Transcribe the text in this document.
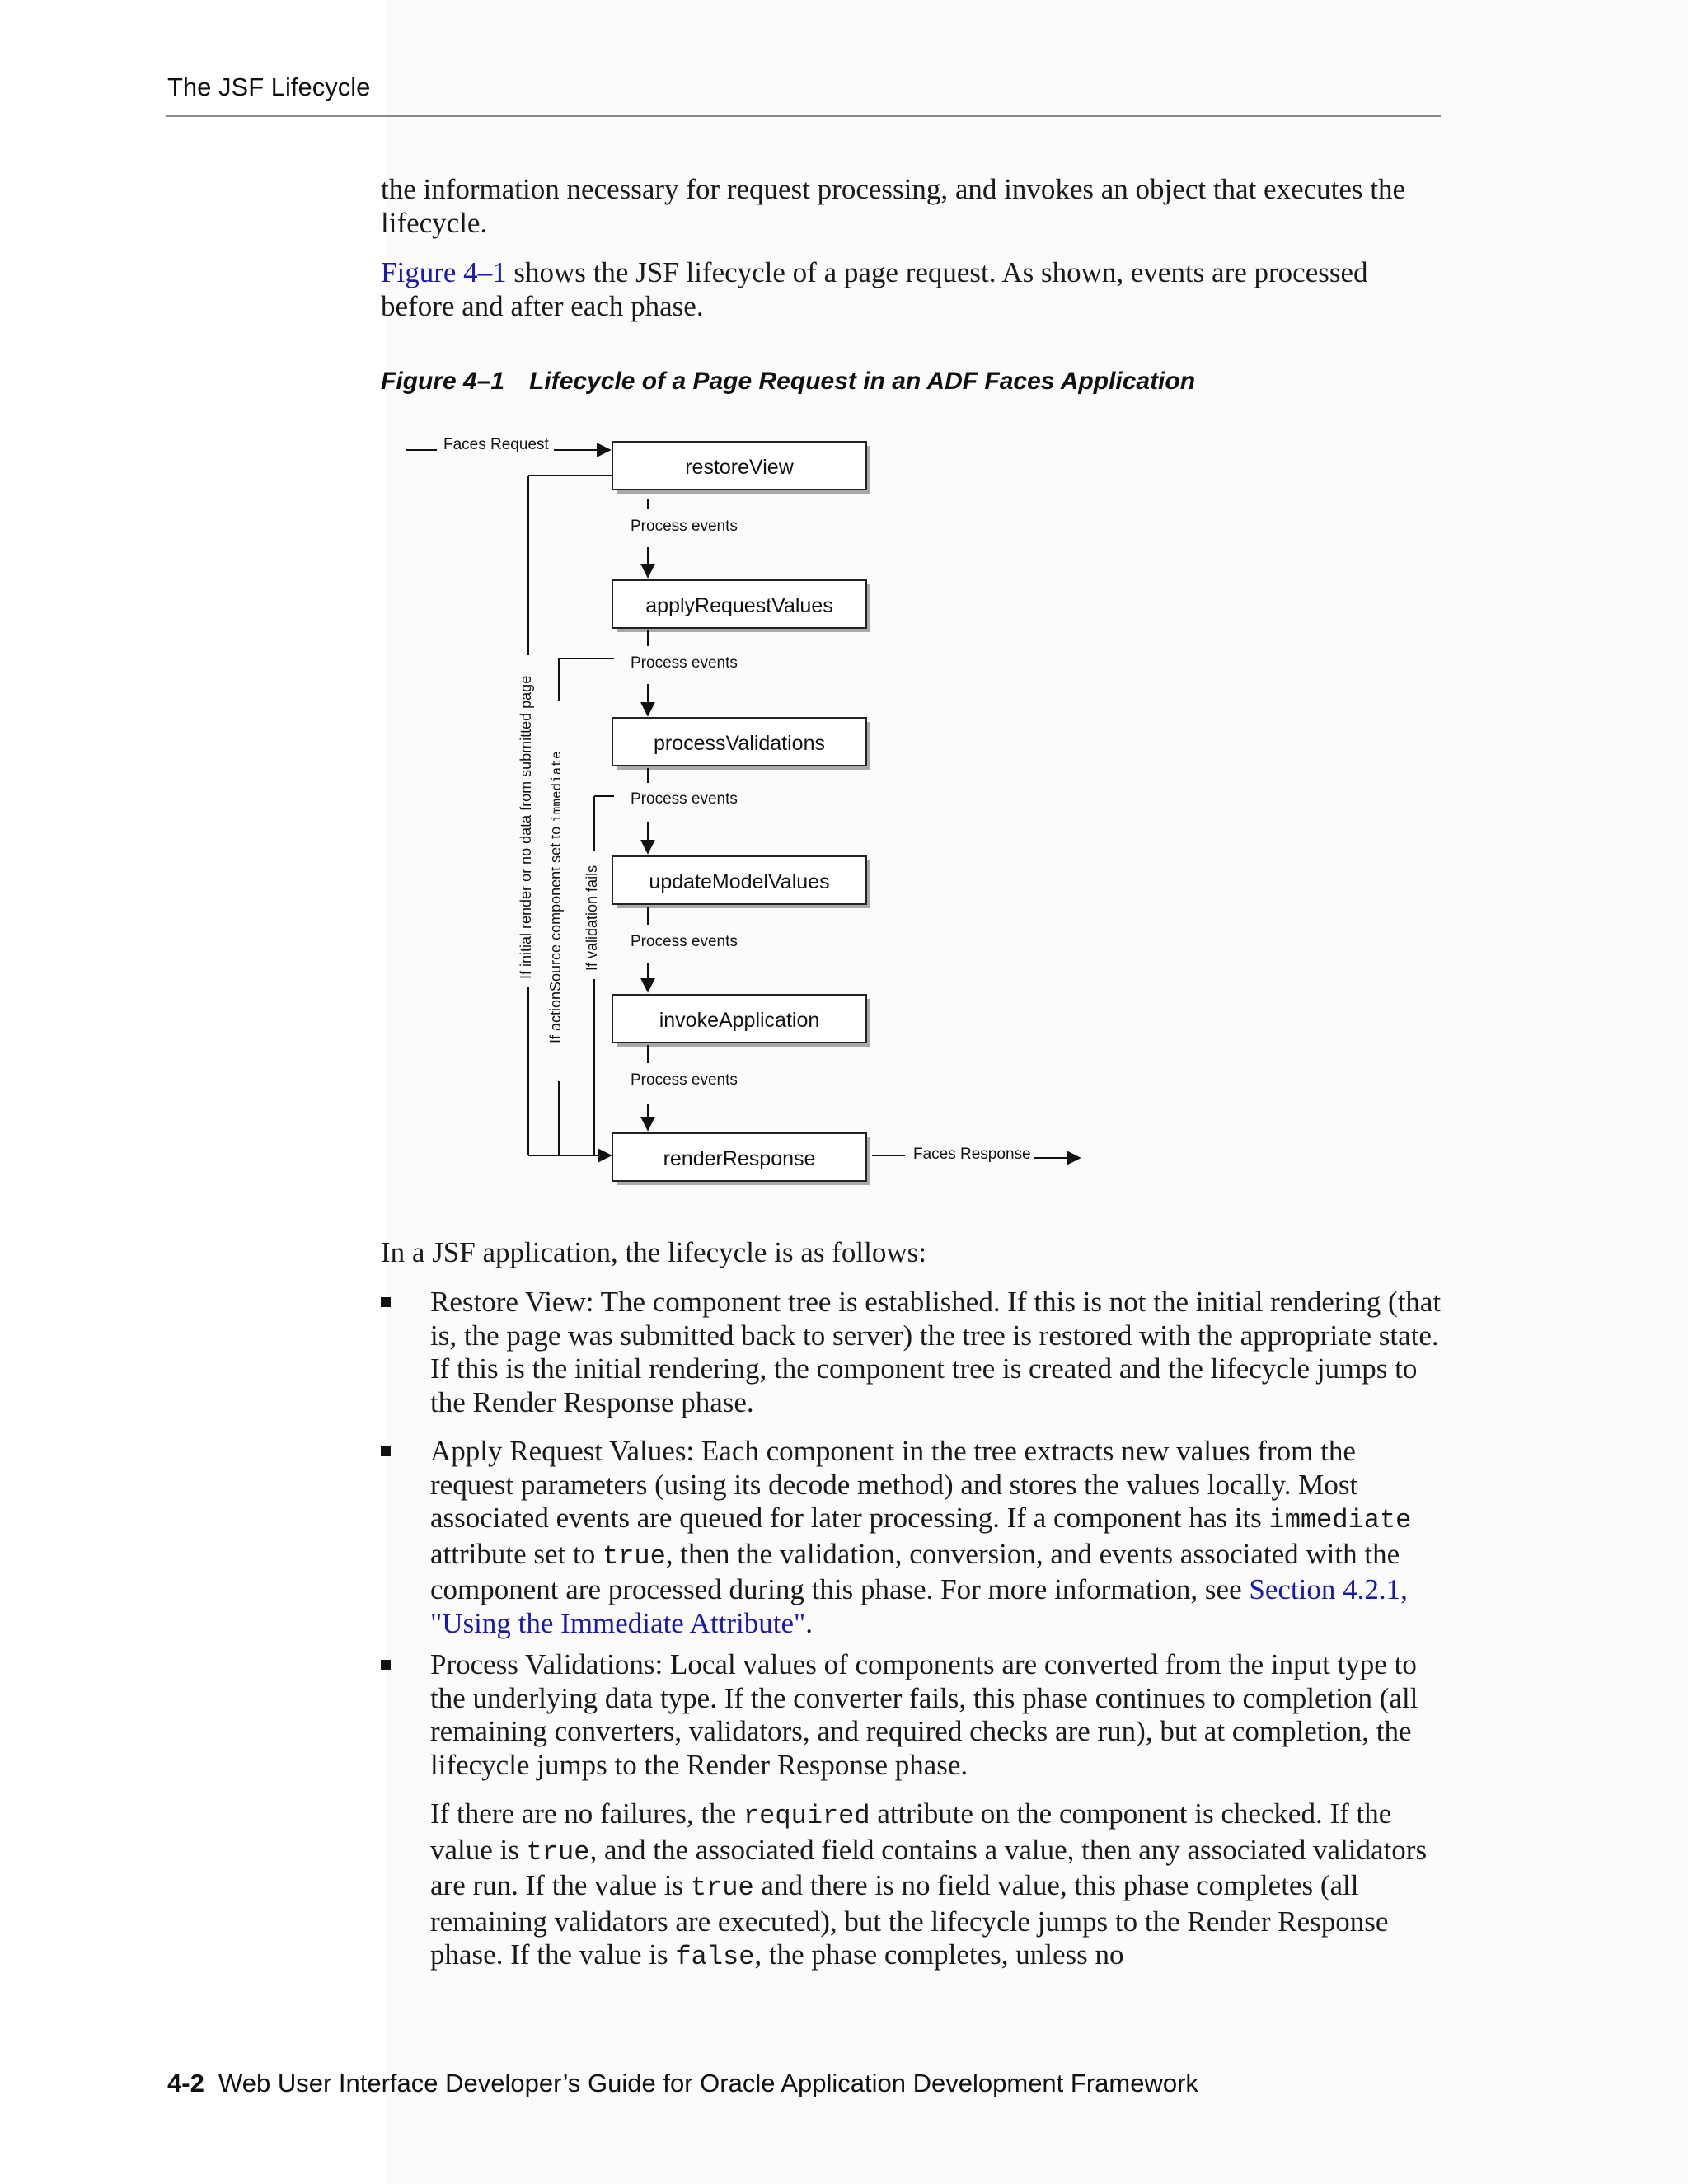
The JSF Lifecycle

the information necessary for request processing, and invokes an object that executes the lifecycle.

Figure 4–1 shows the JSF lifecycle of a page request. As shown, events are processed before and after each phase.

Figure 4–1 Lifecycle of a Page Request in an ADF Faces Application
Faces Request
restoreView
applyRequestValues
processValidations
updateModelValues
invokeApplication
renderResponse
Process events
Process events
Process events
Process events
Process events
If initial render or no data from submitted page If actionSource component set to immediate
If validation fails
Faces Response

In a JSF application, the lifecycle is as follows:

Restore View: The component tree is established. If this is not the initial rendering (that is, the page was submitted back to server) the tree is restored with the appropriate state. If this is the initial rendering, the component tree is created and the lifecycle jumps to the Render Response phase.
Apply Request Values: Each component in the tree extracts new values from the request parameters (using its decode method) and stores the values locally. Most associated events are queued for later processing. If a component has its immediate attribute set to true, then the validation, conversion, and events associated with the component are processed during this phase. For more information, see Section 4.2.1, "Using the Immediate Attribute".
Process Validations: Local values of components are converted from the input type to the underlying data type. If the converter fails, this phase continues to completion (all remaining converters, validators, and required checks are run), but at completion, the lifecycle jumps to the Render Response phase.
If there are no failures, the required attribute on the component is checked. If the value is true, and the associated field contains a value, then any associated validators are run. If the value is true and there is no field value, this phase completes (all remaining validators are executed), but the lifecycle jumps to the Render Response phase. If the value is false, the phase completes, unless no
4-2 Web User Interface Developer’s Guide for Oracle Application Development Framework
